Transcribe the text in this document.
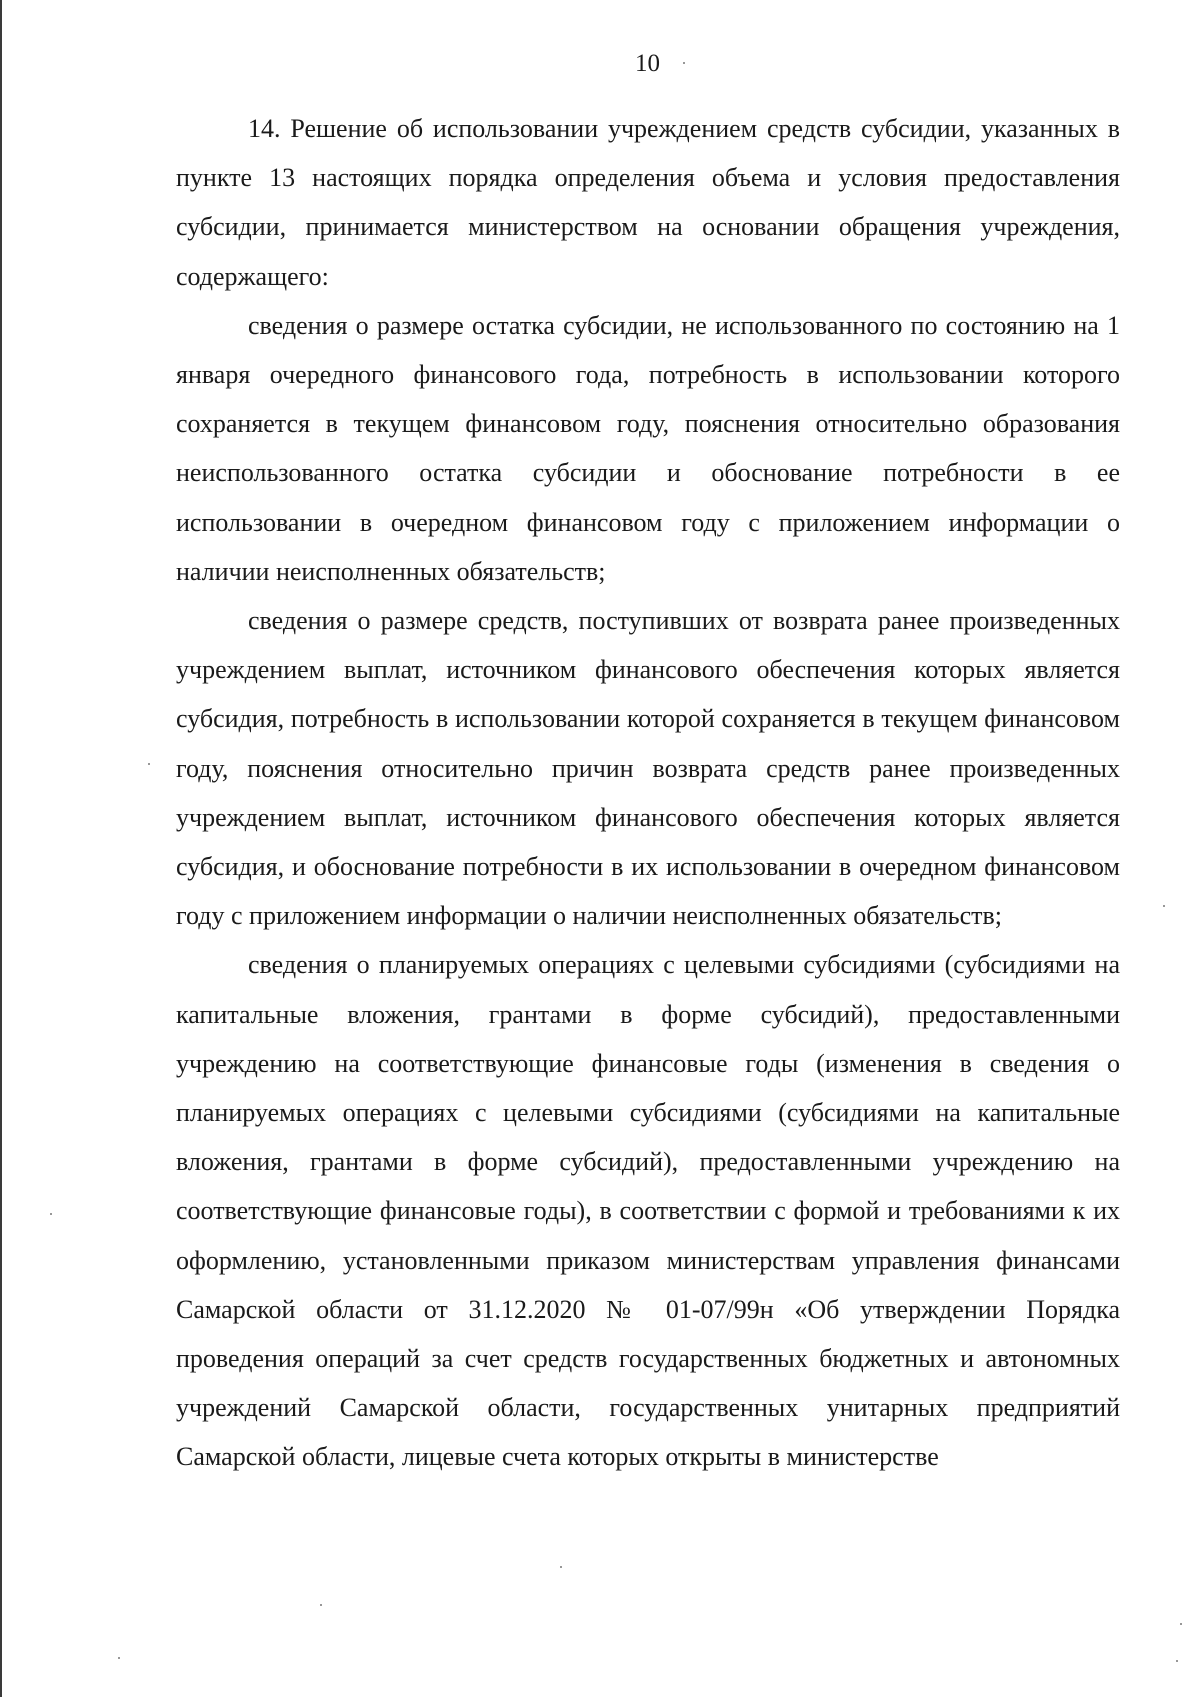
10

14. Решение об использовании учреждением средств субсидии, указанных в пункте 13 настоящих порядка определения объема и условия предоставления субсидии, принимается министерством на основании обращения учреждения, содержащего:

сведения о размере остатка субсидии, не использованного по состоянию на 1 января очередного финансового года, потребность в использовании которого сохраняется в текущем финансовом году, пояснения относительно образования неиспользованного остатка субсидии и обоснование потребности в ее использовании в очередном финансовом году с приложением информации о наличии неисполненных обязательств;

сведения о размере средств, поступивших от возврата ранее произведенных учреждением выплат, источником финансового обеспечения которых является субсидия, потребность в использовании которой сохраняется в текущем финансовом году, пояснения относительно причин возврата средств ранее произведенных учреждением выплат, источником финансового обеспечения которых является субсидия, и обоснование потребности в их использовании в очередном финансовом году с приложением информации о наличии неисполненных обязательств;

сведения о планируемых операциях с целевыми субсидиями (субсидиями на капитальные вложения, грантами в форме субсидий), предоставленными учреждению на соответствующие финансовые годы (изменения в сведения о планируемых операциях с целевыми субсидиями (субсидиями на капитальные вложения, грантами в форме субсидий), предоставленными учреждению на соответствующие финансовые годы), в соответствии с формой и требованиями к их оформлению, установленными приказом министерствам управления финансами Самарской области от 31.12.2020 № 01-07/99н «Об утверждении Порядка проведения операций за счет средств государственных бюджетных и автономных учреждений Самарской области, государственных унитарных предприятий Самарской области, лицевые счета которых открыты в министерстве
